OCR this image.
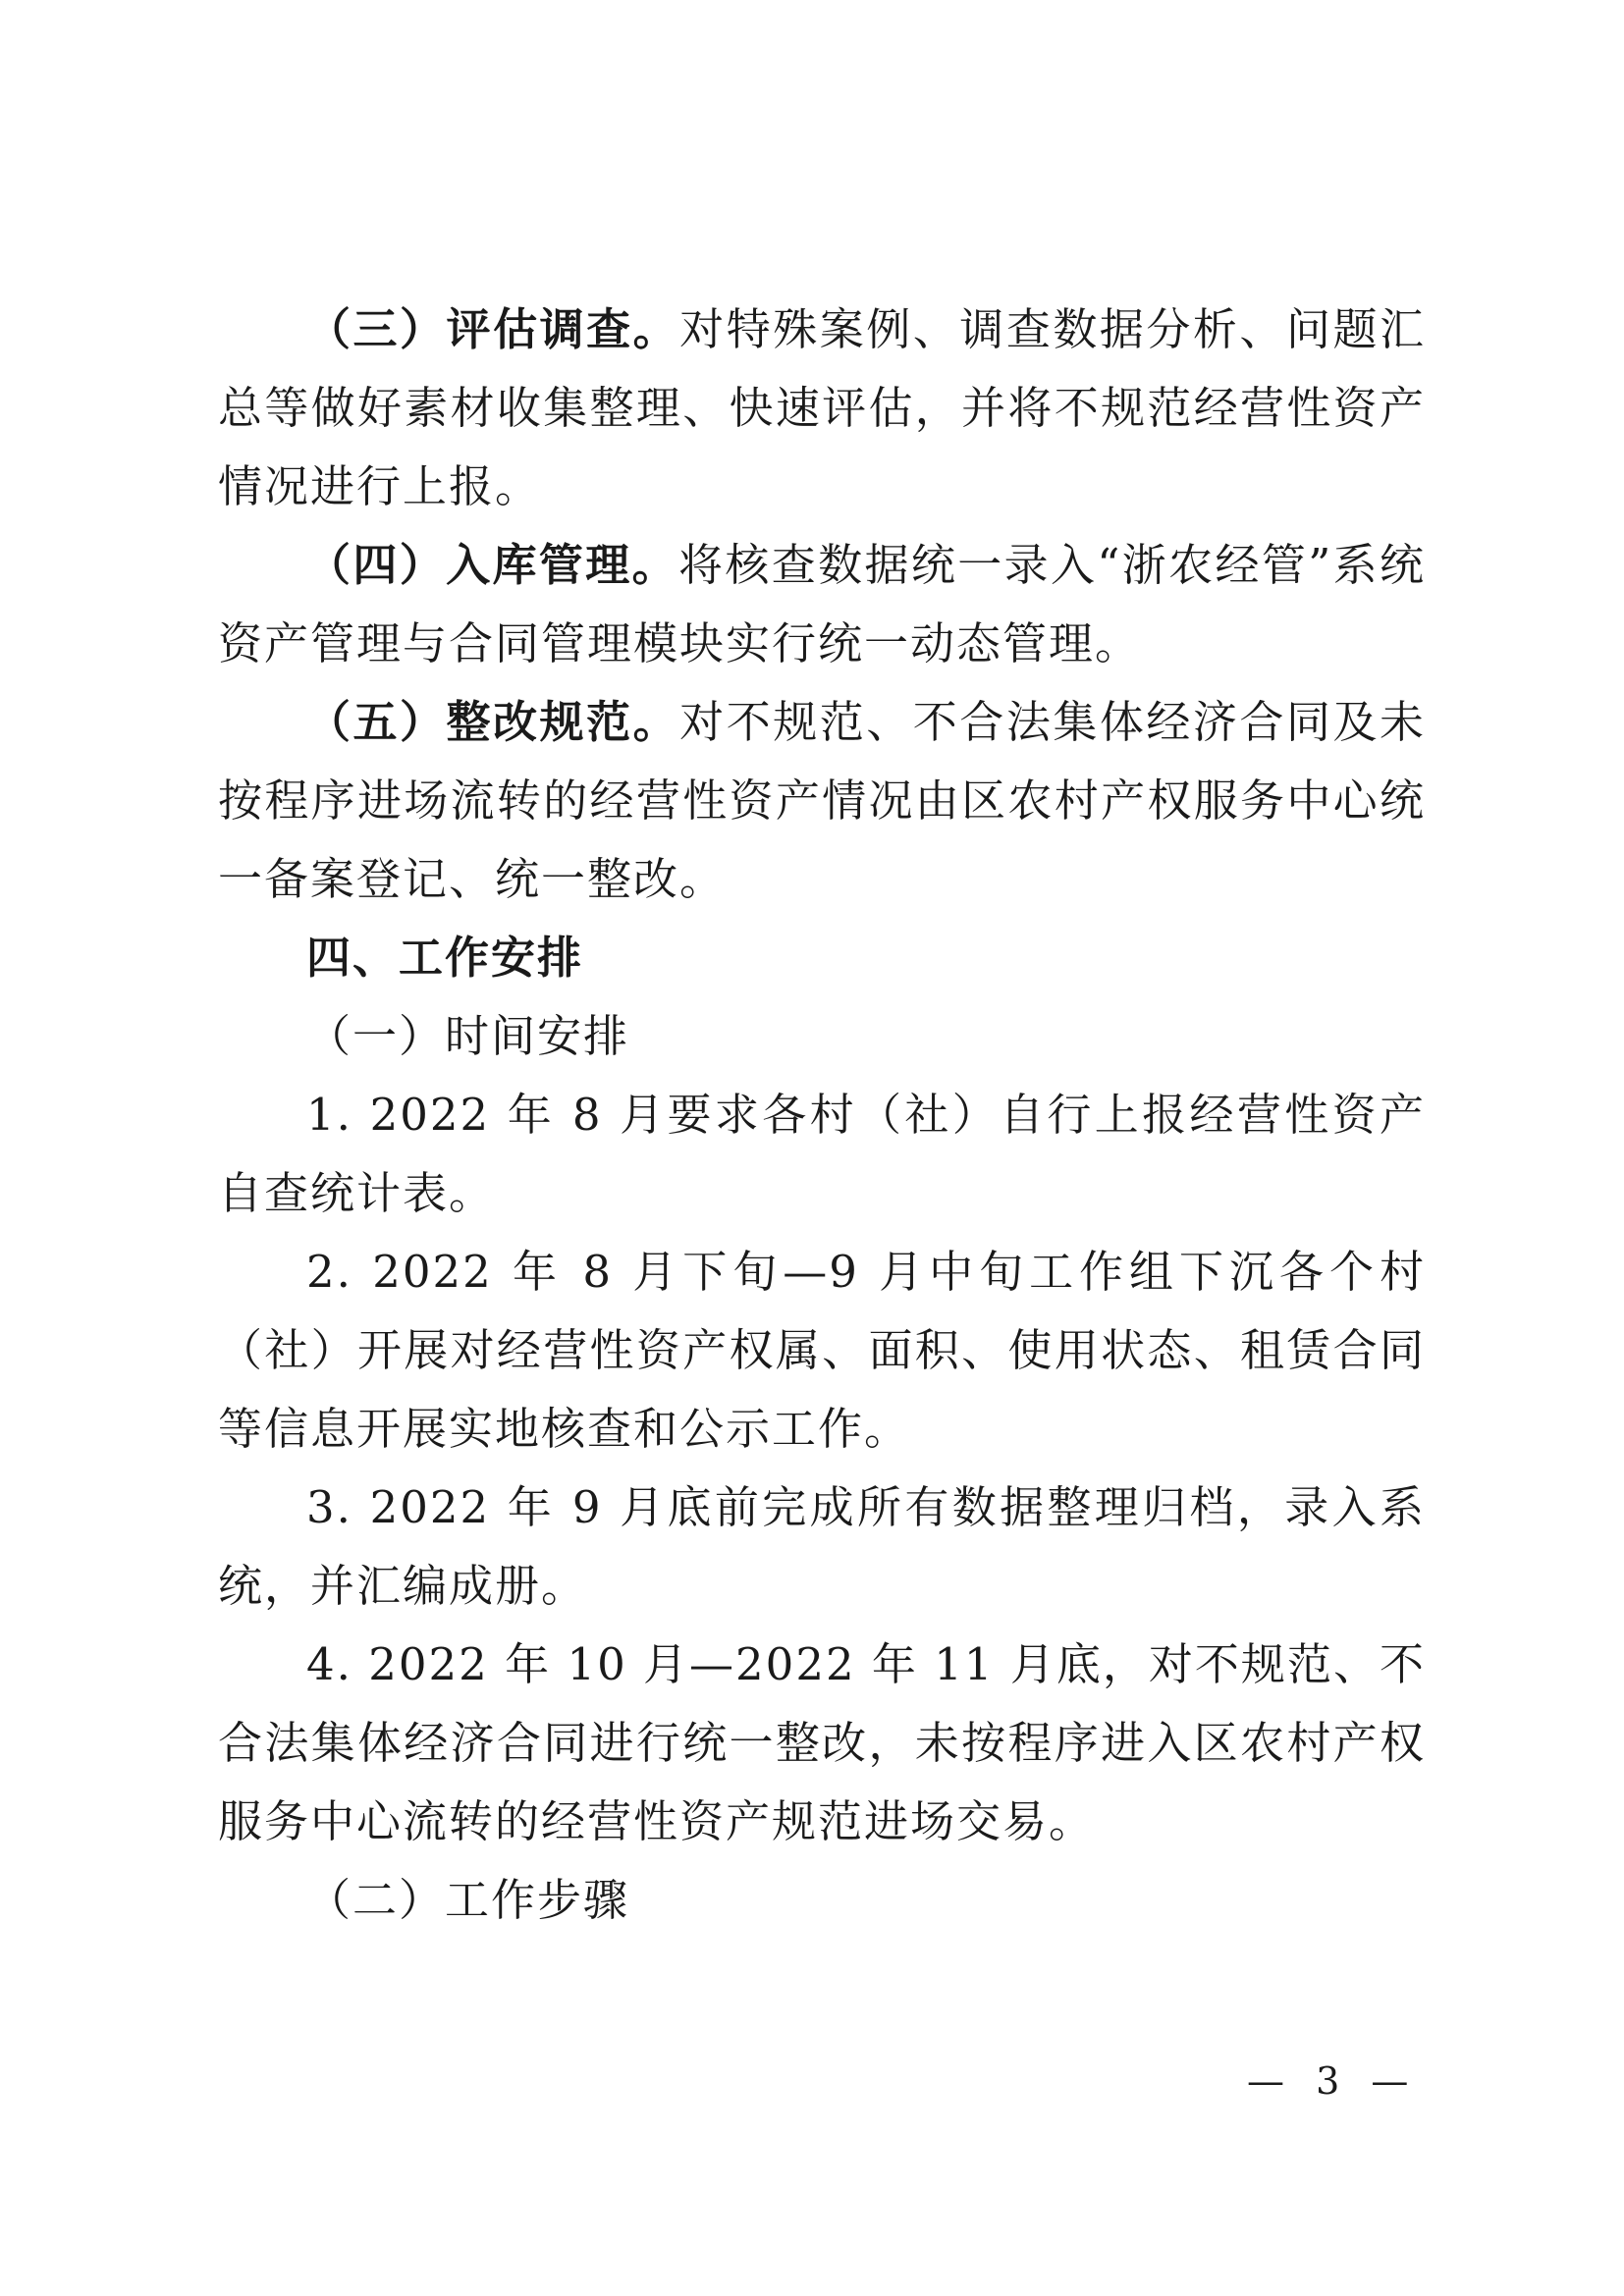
（三）评估调查。对特殊案例、调查数据分析、问题汇总等做好素材收集整理、快速评估，并将不规范经营性资产情况进行上报。

（四）入库管理。将核查数据统一录入“浙农经管”系统资产管理与合同管理模块实行统一动态管理。

（五）整改规范。对不规范、不合法集体经济合同及未按程序进场流转的经营性资产情况由区农村产权服务中心统一备案登记、统一整改。

四、工作安排

（一）时间安排

1. 2022 年 8 月要求各村（社）自行上报经营性资产自查统计表。

2. 2022 年 8 月下旬—9 月中旬工作组下沉各个村（社）开展对经营性资产权属、面积、使用状态、租赁合同等信息开展实地核查和公示工作。

3. 2022 年 9 月底前完成所有数据整理归档，录入系统，并汇编成册。

4. 2022 年 10 月—2022 年 11 月底，对不规范、不合法集体经济合同进行统一整改，未按程序进入区农村产权服务中心流转的经营性资产规范进场交易。

（二）工作步骤

— 3 —
